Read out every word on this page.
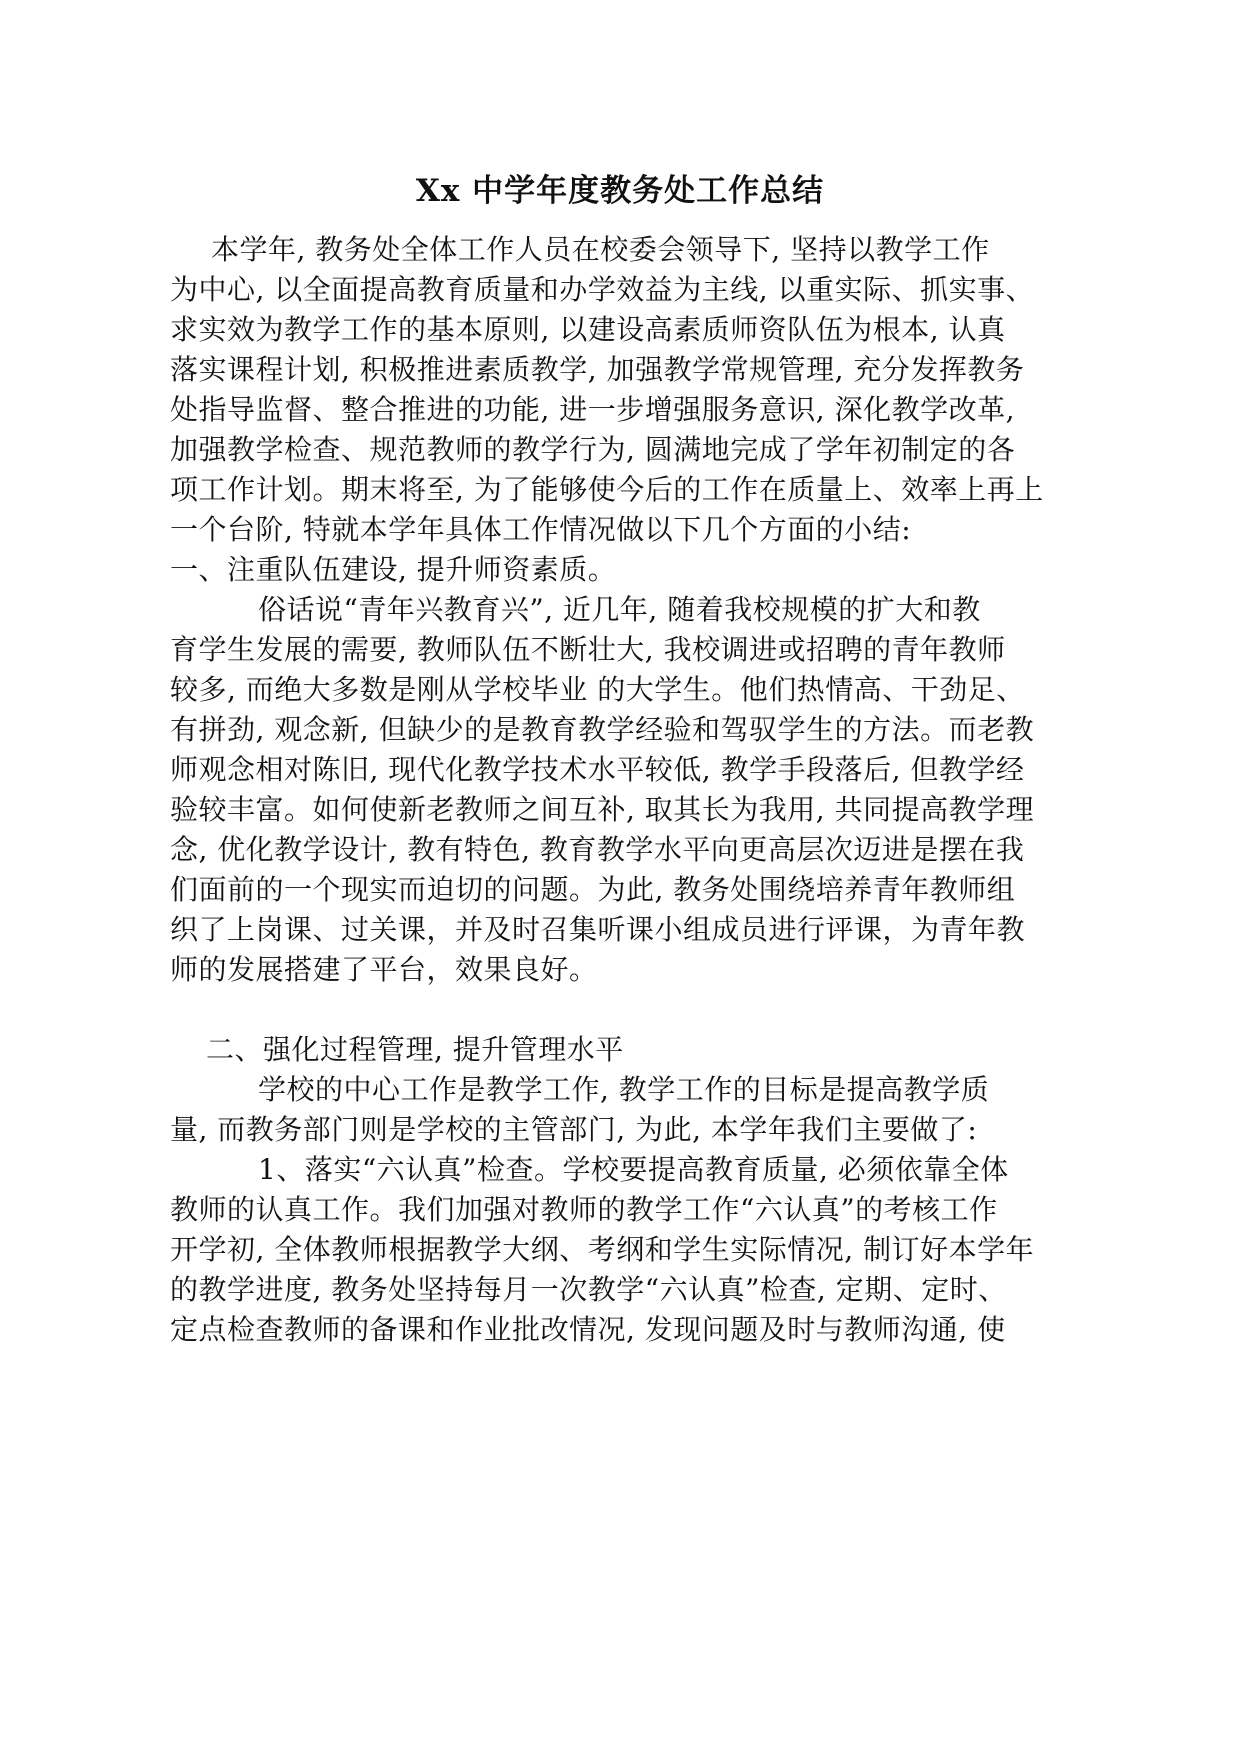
Xx 中学年度教务处工作总结
本学年, 教务处全体工作人员在校委会领导下, 坚持以教学工作
为中心, 以全面提高教育质量和办学效益为主线, 以重实际、抓实事、
求实效为教学工作的基本原则, 以建设高素质师资队伍为根本, 认真
落实课程计划, 积极推进素质教学, 加强教学常规管理, 充分发挥教务
处指导监督、整合推进的功能, 进一步增强服务意识, 深化教学改革,
加强教学检查、规范教师的教学行为, 圆满地完成了学年初制定的各
项工作计划。期末将至, 为了能够使今后的工作在质量上、效率上再上
一个台阶, 特就本学年具体工作情况做以下几个方面的小结:
一、注重队伍建设, 提升师资素质。
俗话说“青年兴教育兴”, 近几年, 随着我校规模的扩大和教
育学生发展的需要, 教师队伍不断壮大, 我校调进或招聘的青年教师
较多, 而绝大多数是刚从学校毕业 的大学生。他们热情高、干劲足、
有拼劲, 观念新, 但缺少的是教育教学经验和驾驭学生的方法。而老教
师观念相对陈旧, 现代化教学技术水平较低, 教学手段落后, 但教学经
验较丰富。如何使新老教师之间互补, 取其长为我用, 共同提高教学理
念, 优化教学设计, 教有特色, 教育教学水平向更高层次迈进是摆在我
们面前的一个现实而迫切的问题。为此, 教务处围绕培养青年教师组
织了上岗课、过关课，并及时召集听课小组成员进行评课，为青年教
师的发展搭建了平台，效果良好。
二、强化过程管理, 提升管理水平
学校的中心工作是教学工作, 教学工作的目标是提高教学质
量, 而教务部门则是学校的主管部门, 为此, 本学年我们主要做了:
1、落实“六认真”检查。学校要提高教育质量, 必须依靠全体
教师的认真工作。我们加强对教师的教学工作“六认真”的考核工作
开学初, 全体教师根据教学大纲、考纲和学生实际情况, 制订好本学年
的教学进度, 教务处坚持每月一次教学“六认真”检查, 定期、定时、
定点检查教师的备课和作业批改情况, 发现问题及时与教师沟通, 使
